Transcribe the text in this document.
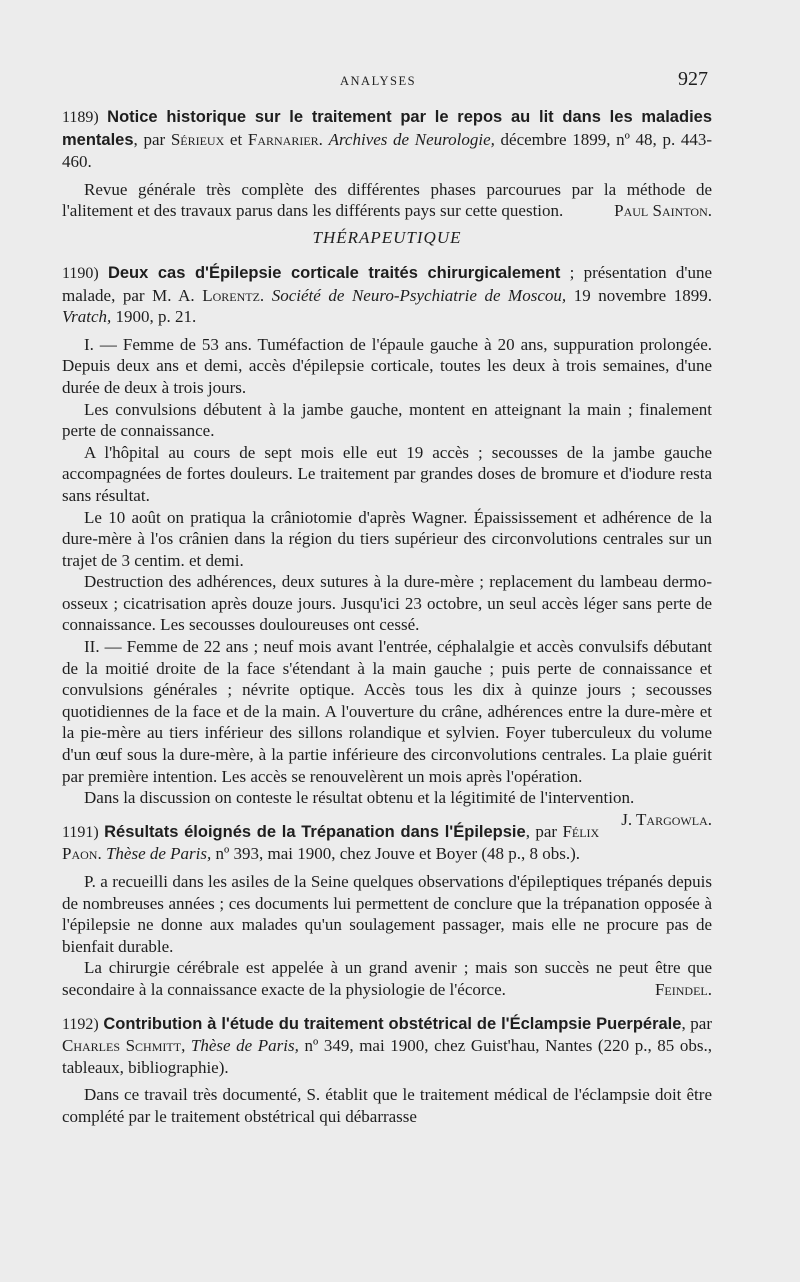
ANALYSES	927

1189) Notice historique sur le traitement par le repos au lit dans les maladies mentales, par Sérieux et Farnarier. Archives de Neurologie, décembre 1899, nº 48, p. 443-460.

Revue générale très complète des différentes phases parcourues par la méthode de l'alitement et des travaux parus dans les différents pays sur cette question.	Paul Sainton.

THÉRAPEUTIQUE

1190) Deux cas d'Épilepsie corticale traités chirurgicalement ; présentation d'une malade, par M. A. Lorentz. Société de Neuro-Psychiatrie de Moscou, 19 novembre 1899. Vratch, 1900, p. 21.

I. — Femme de 53 ans. Tuméfaction de l'épaule gauche à 20 ans, suppuration prolongée. Depuis deux ans et demi, accès d'épilepsie corticale, toutes les deux à trois semaines, d'une durée de deux à trois jours.

Les convulsions débutent à la jambe gauche, montent en atteignant la main ; finalement perte de connaissance.

A l'hôpital au cours de sept mois elle eut 19 accès ; secousses de la jambe gauche accompagnées de fortes douleurs. Le traitement par grandes doses de bromure et d'iodure resta sans résultat.

Le 10 août on pratiqua la crâniotomie d'après Wagner. Épaississement et adhérence de la dure-mère à l'os crânien dans la région du tiers supérieur des circonvolutions centrales sur un trajet de 3 centim. et demi.

Destruction des adhérences, deux sutures à la dure-mère ; replacement du lambeau dermo-osseux ; cicatrisation après douze jours. Jusqu'ici 23 octobre, un seul accès léger sans perte de connaissance. Les secousses douloureuses ont cessé.

II. — Femme de 22 ans ; neuf mois avant l'entrée, céphalalgie et accès convulsifs débutant de la moitié droite de la face s'étendant à la main gauche ; puis perte de connaissance et convulsions générales ; névrite optique. Accès tous les dix à quinze jours ; secousses quotidiennes de la face et de la main. A l'ouverture du crâne, adhérences entre la dure-mère et la pie-mère au tiers inférieur des sillons rolandique et sylvien. Foyer tuberculeux du volume d'un œuf sous la dure-mère, à la partie inférieure des circonvolutions centrales. La plaie guérit par première intention. Les accès se renouvelèrent un mois après l'opération.

Dans la discussion on conteste le résultat obtenu et la légitimité de l'intervention.
J. Targowla.

1191) Résultats éloignés de la Trépanation dans l'Épilepsie, par Félix Paon. Thèse de Paris, nº 393, mai 1900, chez Jouve et Boyer (48 p., 8 obs.).

P. a recueilli dans les asiles de la Seine quelques observations d'épileptiques trépanés depuis de nombreuses années ; ces documents lui permettent de conclure que la trépanation opposée à l'épilepsie ne donne aux malades qu'un soulagement passager, mais elle ne procure pas de bienfait durable.

La chirurgie cérébrale est appelée à un grand avenir ; mais son succès ne peut être que secondaire à la connaissance exacte de la physiologie de l'écorce.	Feindel.

1192) Contribution à l'étude du traitement obstétrical de l'Éclampsie Puerpérale, par Charles Schmitt, Thèse de Paris, nº 349, mai 1900, chez Guist'hau, Nantes (220 p., 85 obs., tableaux, bibliographie).

Dans ce travail très documenté, S. établit que le traitement médical de l'éclampsie doit être complété par le traitement obstétrical qui débarrasse
